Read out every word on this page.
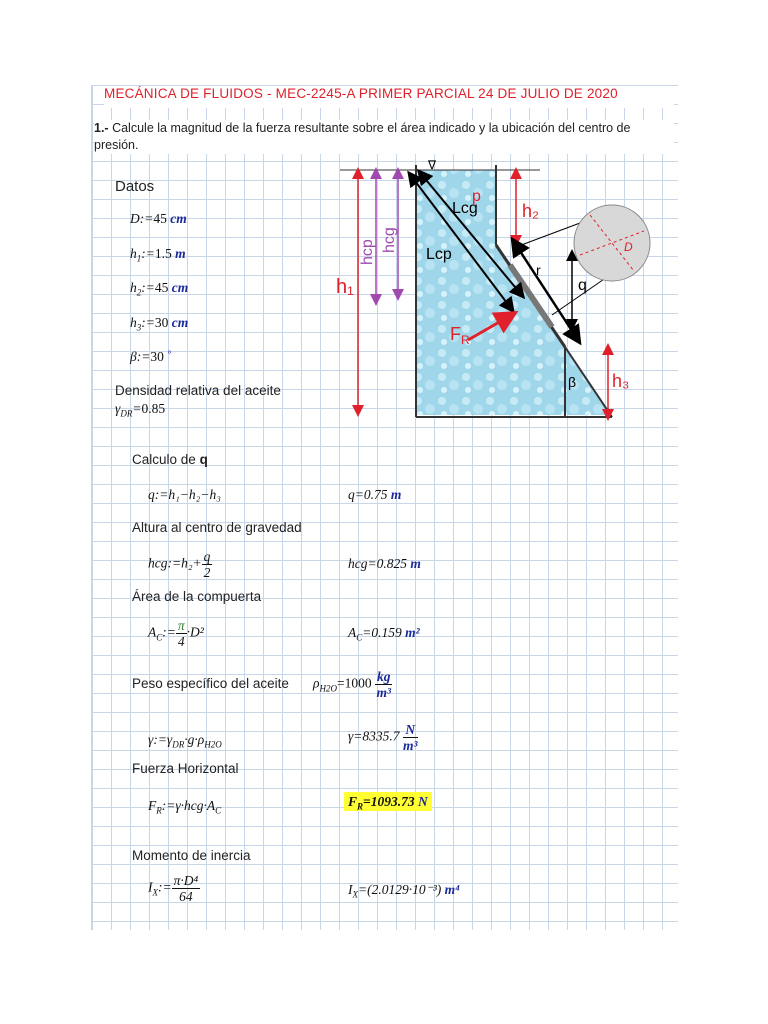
MECÁNICA DE FLUIDOS - MEC-2245-A PRIMER PARCIAL 24 DE JULIO DE 2020
1.- Calcule la magnitud de la fuerza resultante sobre el área indicado y la ubicación del centro de presión.
Datos
D:=45 cm
$h_1:=1.5$ m
$h_2:=45$ cm
$h_3:=30$ cm
β:=30 °
Densidad relativa del aceite
$\gamma_{DR}=0.85$
Calculo de q
q:=h₁−h₂−h₃	q=0.75 m
Altura al centro de gravedad
hcg:=h₂+ $\frac{q}{2}$	hcg=0.825 m
Área de la compuerta
$A_C:= \frac{\pi}{4} \cdot D^2$	$A_C=0.159$ m²
Peso específico del aceite $\rho_{H2O}=1000 \frac{kg}{\text{m³}}$
$\gamma:=\gamma_{DR}\cdot g\cdot\rho_{H2O}$
$\gamma=8335.7 \frac{N}{\text{m³}}$
Fuerza Horizontal
$F_R:=\gamma\cdot hcg\cdot A_C$
$F_R=1093.73$ N
Momento de inercia
$I_X:= \frac{\text{π·D⁴}}{64}$	$I_X=(2.0129\cdot 10^{-3})$ m⁴
∇
h₁
hcp hcg
Lcg
Lcp
p
h₂
q
r
h₃
β
$F_R$
D
